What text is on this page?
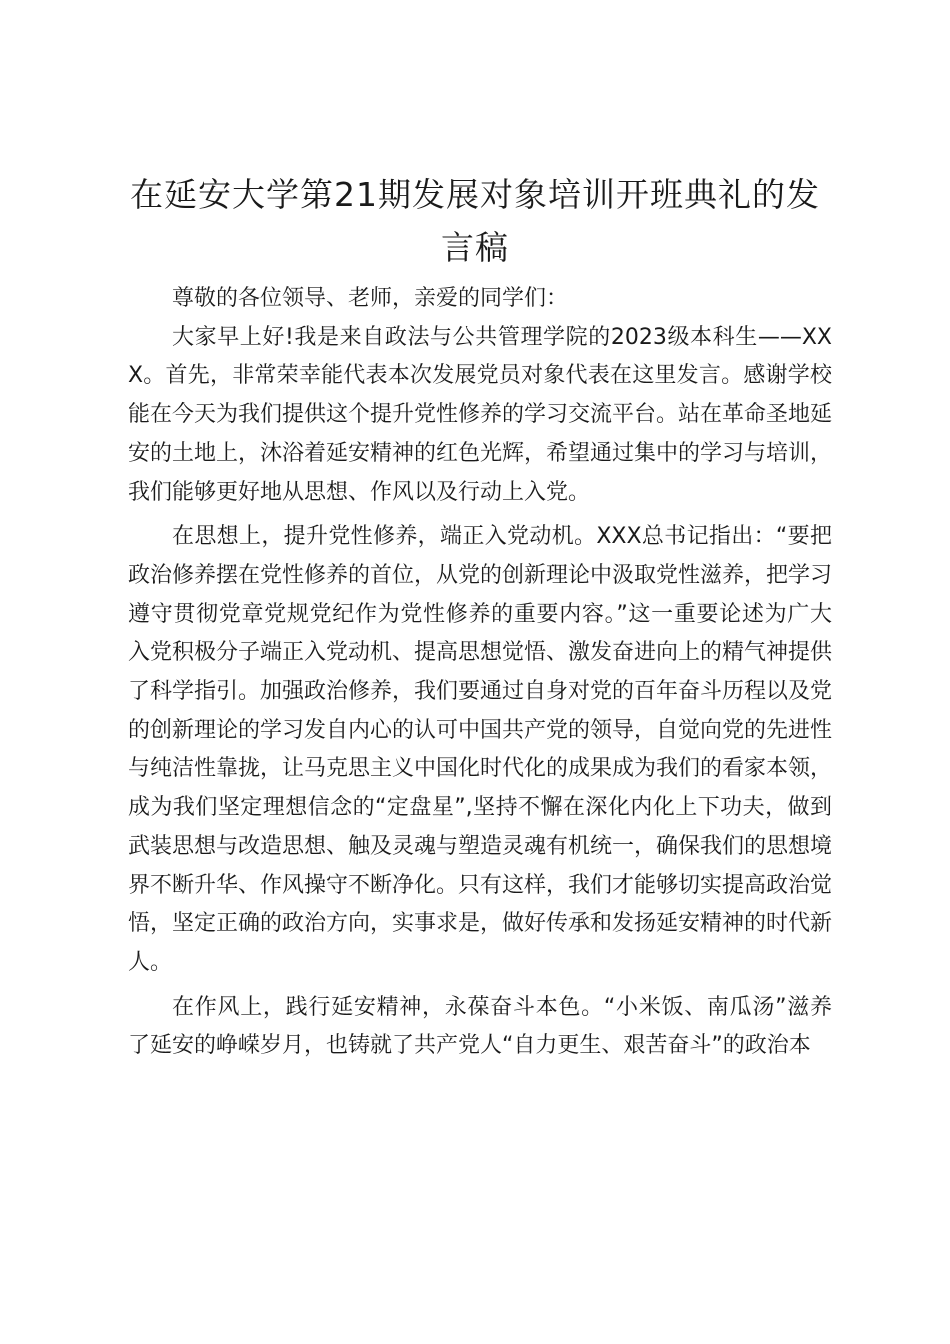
在延安大学第21期发展对象培训开班典礼的发言稿

尊敬的各位领导、老师，亲爱的同学们：

大家早上好!我是来自政法与公共管理学院的2023级本科生——XXX。首先，非常荣幸能代表本次发展党员对象代表在这里发言。感谢学校能在今天为我们提供这个提升党性修养的学习交流平台。站在革命圣地延安的土地上，沐浴着延安精神的红色光辉，希望通过集中的学习与培训，我们能够更好地从思想、作风以及行动上入党。

在思想上，提升党性修养，端正入党动机。XXX总书记指出：“要把政治修养摆在党性修养的首位，从党的创新理论中汲取党性滋养，把学习遵守贯彻党章党规党纪作为党性修养的重要内容。”这一重要论述为广大入党积极分子端正入党动机、提高思想觉悟、激发奋进向上的精气神提供了科学指引。加强政治修养，我们要通过自身对党的百年奋斗历程以及党的创新理论的学习发自内心的认可中国共产党的领导，自觉向党的先进性与纯洁性靠拢，让马克思主义中国化时代化的成果成为我们的看家本领，成为我们坚定理想信念的“定盘星”,坚持不懈在深化内化上下功夫，做到武装思想与改造思想、触及灵魂与塑造灵魂有机统一，确保我们的思想境界不断升华、作风操守不断净化。只有这样，我们才能够切实提高政治觉悟，坚定正确的政治方向，实事求是，做好传承和发扬延安精神的时代新人。

在作风上，践行延安精神，永葆奋斗本色。“小米饭、南瓜汤”滋养了延安的峥嵘岁月，也铸就了共产党人“自力更生、艰苦奋斗”的政治本
